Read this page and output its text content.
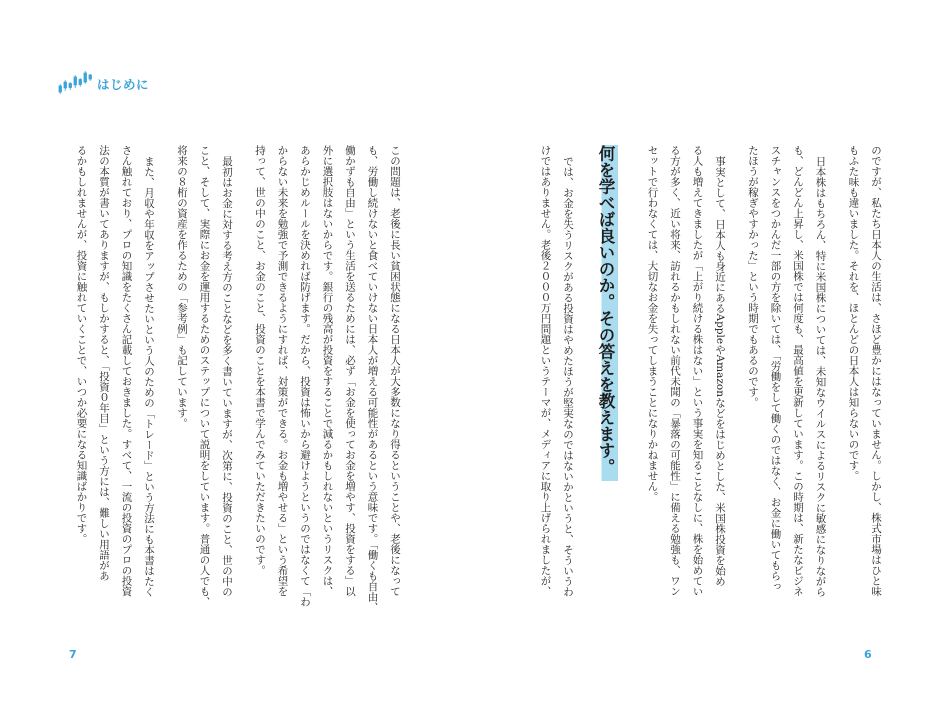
はじめに
のですが、私たち日本人の生活は、さほど豊かにはなっていません。しかし、株式市場はひと味
もふた味も違いました。それを、ほとんどの日本人は知らないのです。
日本株はもちろん、特に米国株については、未知なウイルスによるリスクに敏感になりながら
も、どんどん上昇し、米国株では何度も、最高値を更新しています。この時期は、新たなビジネ
スチャンスをつかんだ一部の方を除いては、「労働をして働くのではなく、お金に働いてもらっ
たほうが稼ぎやすかった」という時期でもあるのです。
事実として、日本人も身近にあるAppleやAmazonなどをはじめとした、米国株投資を始め
る人も増えてきましたが「上がり続ける株はない」という事実を知ることなしに、株を始めてい
る方が多く、近い将来、訪れるかもしれない前代未聞の「暴落の可能性」に備える勉強も、ワン
セットで行わなくては、大切なお金を失ってしまうことになりかねません。
何を学べば良いのか。その答えを教えます。
では、お金を失うリスクがある投資はやめたほうが堅実なのではないかというと、そういうわ
けではありません。老後２０００万円問題というテーマが、メディアに取り上げられましたが、
この問題は、老後に長い貧困状態になる日本人が大多数になり得るということや、老後になって
も、労働し続けないと食べていけない日本人が増える可能性があるという意味です。「働くも自由、
働かずも自由」という生活を送るためには、必ず「お金を使ってお金を増やす、投資をする」以
外に選択肢はないからです。銀行の残高が投資をすることで減るかもしれないというリスクは、
あらかじめルールを決めれば防げます。だから、投資は怖いから避けようというのではなくて「わ
からない未来を勉強で予測できるようにすれば、対策ができる。お金も増やせる」という希望を
持って、世の中のこと、お金のこと、投資のことを本書で学んでみていただきたいのです。
最初はお金に対する考え方のことなどを多く書いていますが、次第に、投資のこと、世の中の
こと、そして、実際にお金を運用するためのステップについて説明をしています。普通の人でも、
将来の８桁の資産を作るための「参考例」も記しています。
また、月収や年収をアップさせたいという人のための「トレード」という方法にも本書はたく
さん触れており、プロの知識をたくさん記載しておきました。すべて、一流の投資のプロの投資
法の本質が書いてありますが、もしかすると、「投資０年目」という方には、難しい用語があ
るかもしれませんが、投資に触れていくことで、いつか必要になる知識ばかりです。
7	6
